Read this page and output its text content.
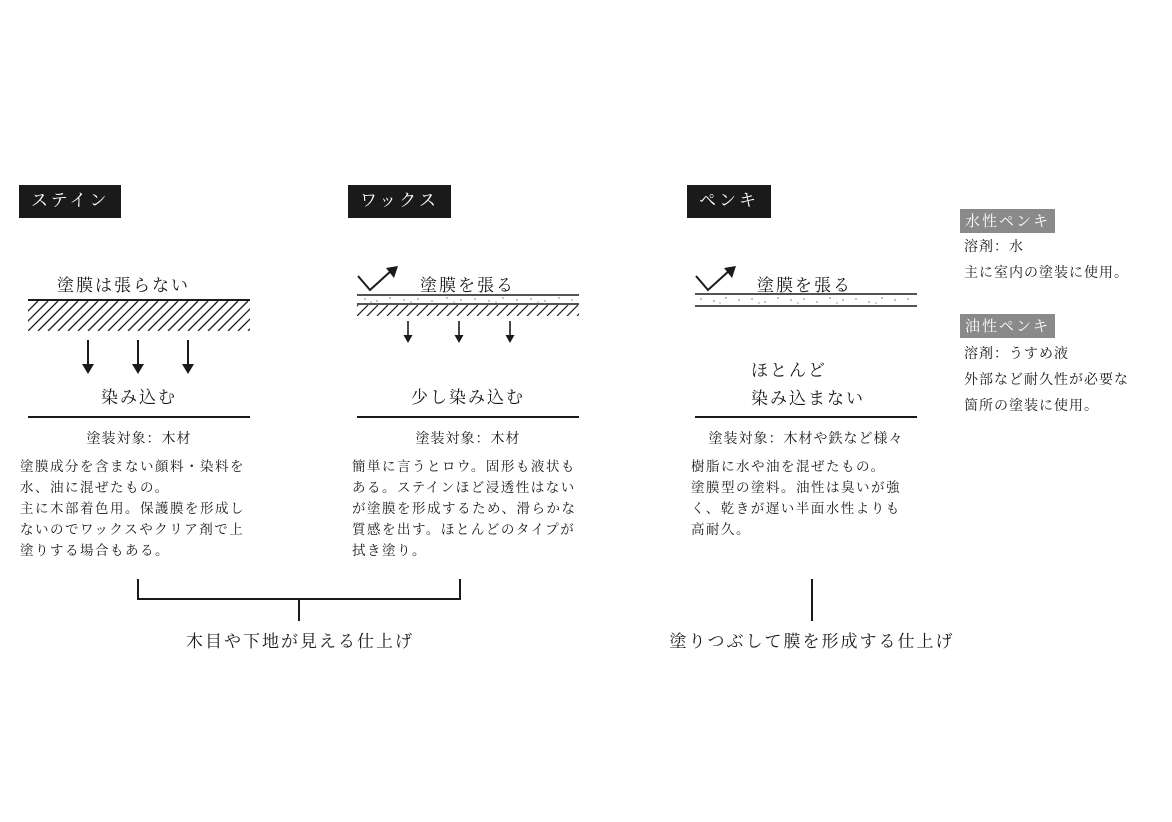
ステイン
塗膜は張らない
染み込む
塗装対象：木材
塗膜成分を含まない顔料・染料を
水、油に混ぜたもの。
主に木部着色用。保護膜を形成し
ないのでワックスやクリア剤で上
塗りする場合もある。
ワックス
塗膜を張る
少し染み込む
塗装対象：木材
簡単に言うとロウ。固形も液状も
ある。ステインほど浸透性はない
が塗膜を形成するため、滑らかな
質感を出す。ほとんどのタイプが
拭き塗り。
ペンキ
塗膜を張る
ほとんど
染み込まない
塗装対象：木材や鉄など様々
樹脂に水や油を混ぜたもの。
塗膜型の塗料。油性は臭いが強
く、乾きが遅い半面水性よりも
高耐久。
水性ペンキ
溶剤：水
主に室内の塗装に使用。
油性ペンキ
溶剤：うすめ液
外部など耐久性が必要な
箇所の塗装に使用。
木目や下地が見える仕上げ	塗りつぶして膜を形成する仕上げ
